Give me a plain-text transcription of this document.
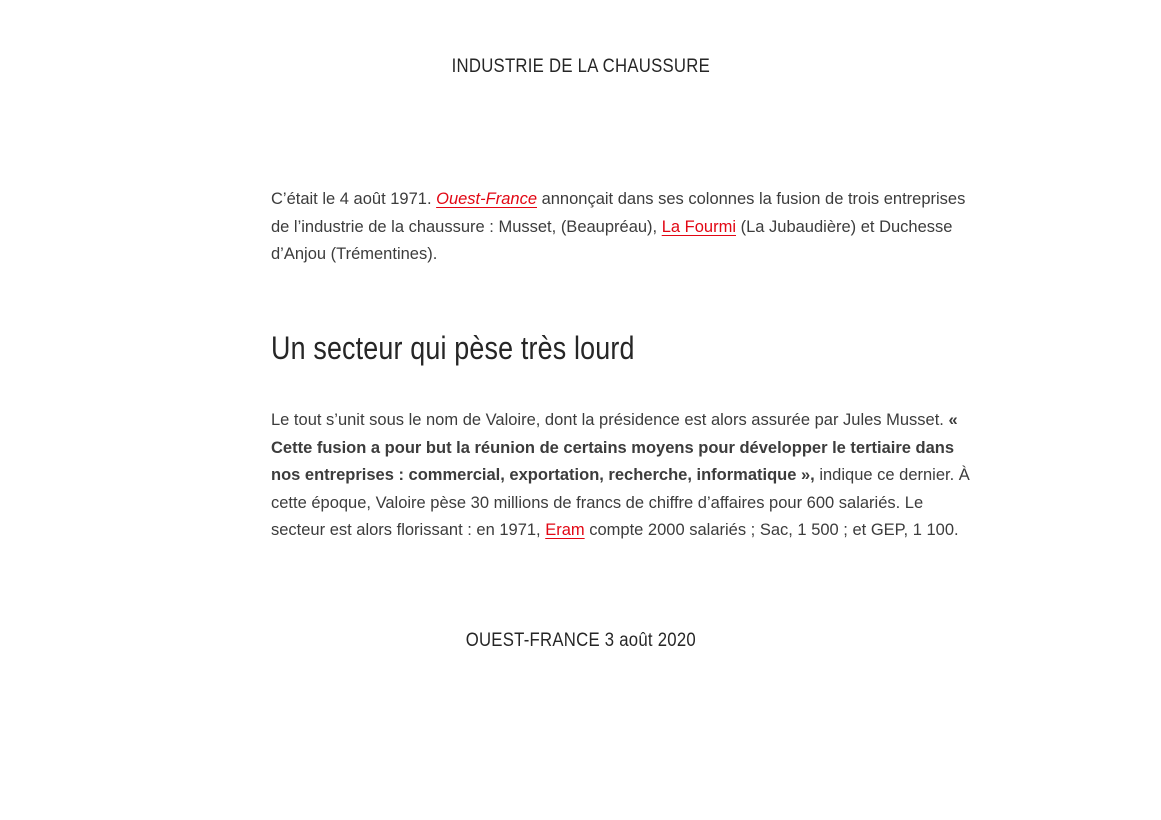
INDUSTRIE DE LA CHAUSSURE
C’était le 4 août 1971. Ouest-France annonçait dans ses colonnes la fusion de trois entreprises de l’industrie de la chaussure : Musset, (Beaupréau), La Fourmi (La Jubaudière) et Duchesse d’Anjou (Trémentines).
Un secteur qui pèse très lourd
Le tout s’unit sous le nom de Valoire, dont la présidence est alors assurée par Jules Musset. « Cette fusion a pour but la réunion de certains moyens pour développer le tertiaire dans nos entreprises : commercial, exportation, recherche, informatique », indique ce dernier. À cette époque, Valoire pèse 30 millions de francs de chiffre d’affaires pour 600 salariés. Le secteur est alors florissant : en 1971, Eram compte 2000 salariés ; Sac, 1 500 ; et GEP, 1 100.
OUEST-FRANCE 3 août 2020
